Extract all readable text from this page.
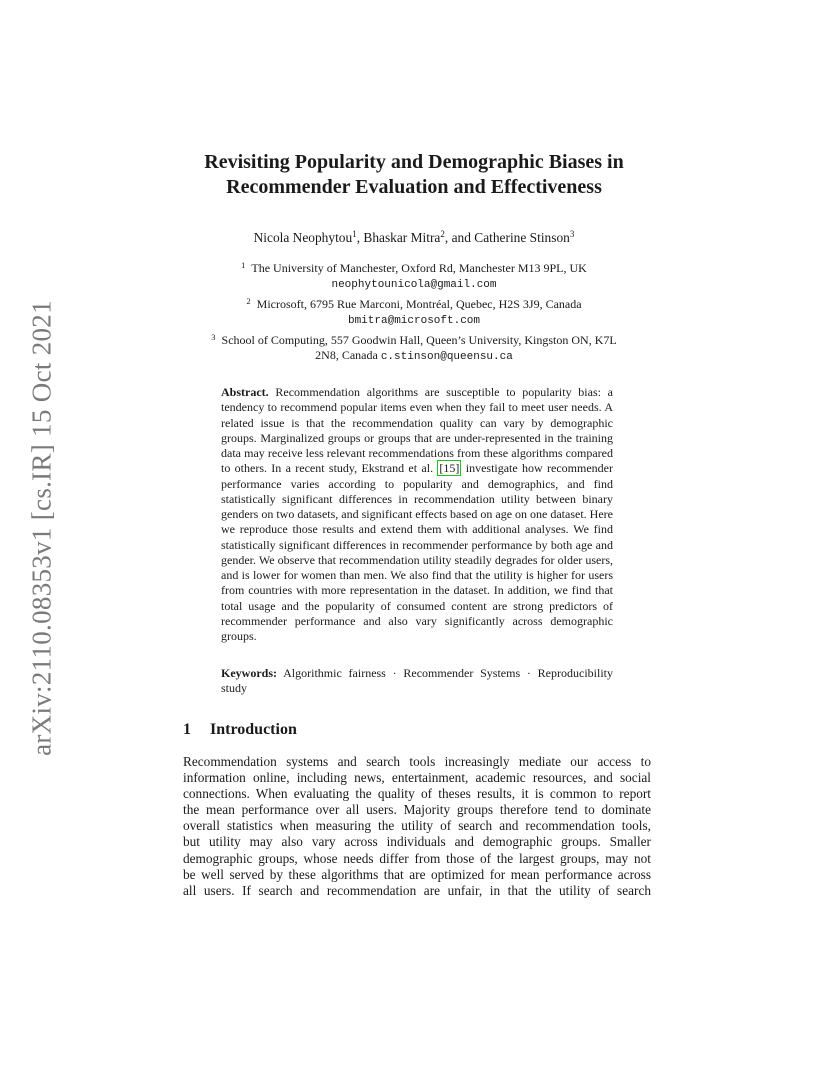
arXiv:2110.08353v1 [cs.IR] 15 Oct 2021
Revisiting Popularity and Demographic Biases in
Recommender Evaluation and Effectiveness
Nicola Neophytou$^1$, Bhaskar Mitra$^2$, and Catherine Stinson$^3$
$^1$ The University of Manchester, Oxford Rd, Manchester M13 9PL, UK
neophytounicola@gmail.com
$^2$ Microsoft, 6795 Rue Marconi, Montréal, Quebec, H2S 3J9, Canada
bmitra@microsoft.com
$^3$ School of Computing, 557 Goodwin Hall, Queen’s University, Kingston ON, K7L
2N8, Canada c.stinson@queensu.ca
Abstract. Recommendation algorithms are susceptible to popularity bias: a tendency to recommend popular items even when they fail to meet user needs. A related issue is that the recommendation quality can vary by demographic groups. Marginalized groups or groups that are under-represented in the training data may receive less relevant recommendations from these algorithms compared to others. In a recent study, Ekstrand et al. [15] investigate how recommender performance varies according to popularity and demographics, and find statistically significant differences in recommendation utility between binary genders on two datasets, and significant effects based on age on one dataset. Here we reproduce those results and extend them with additional analyses. We find statistically significant differences in recommender performance by both age and gender. We observe that recommendation utility steadily degrades for older users, and is lower for women than men. We also find that the utility is higher for users from countries with more representation in the dataset. In addition, we find that total usage and the popularity of consumed content are strong predictors of recommender performance and also vary significantly across demographic groups.
Keywords: Algorithmic fairness · Recommender Systems · Reproducibility study
1 Introduction
Recommendation systems and search tools increasingly mediate our access to
information online, including news, entertainment, academic resources, and social
connections. When evaluating the quality of theses results, it is common to report
the mean performance over all users. Majority groups therefore tend to dominate
overall statistics when measuring the utility of search and recommendation tools,
but utility may also vary across individuals and demographic groups. Smaller
demographic groups, whose needs differ from those of the largest groups, may not
be well served by these algorithms that are optimized for mean performance across
all users. If search and recommendation are unfair, in that the utility of search
